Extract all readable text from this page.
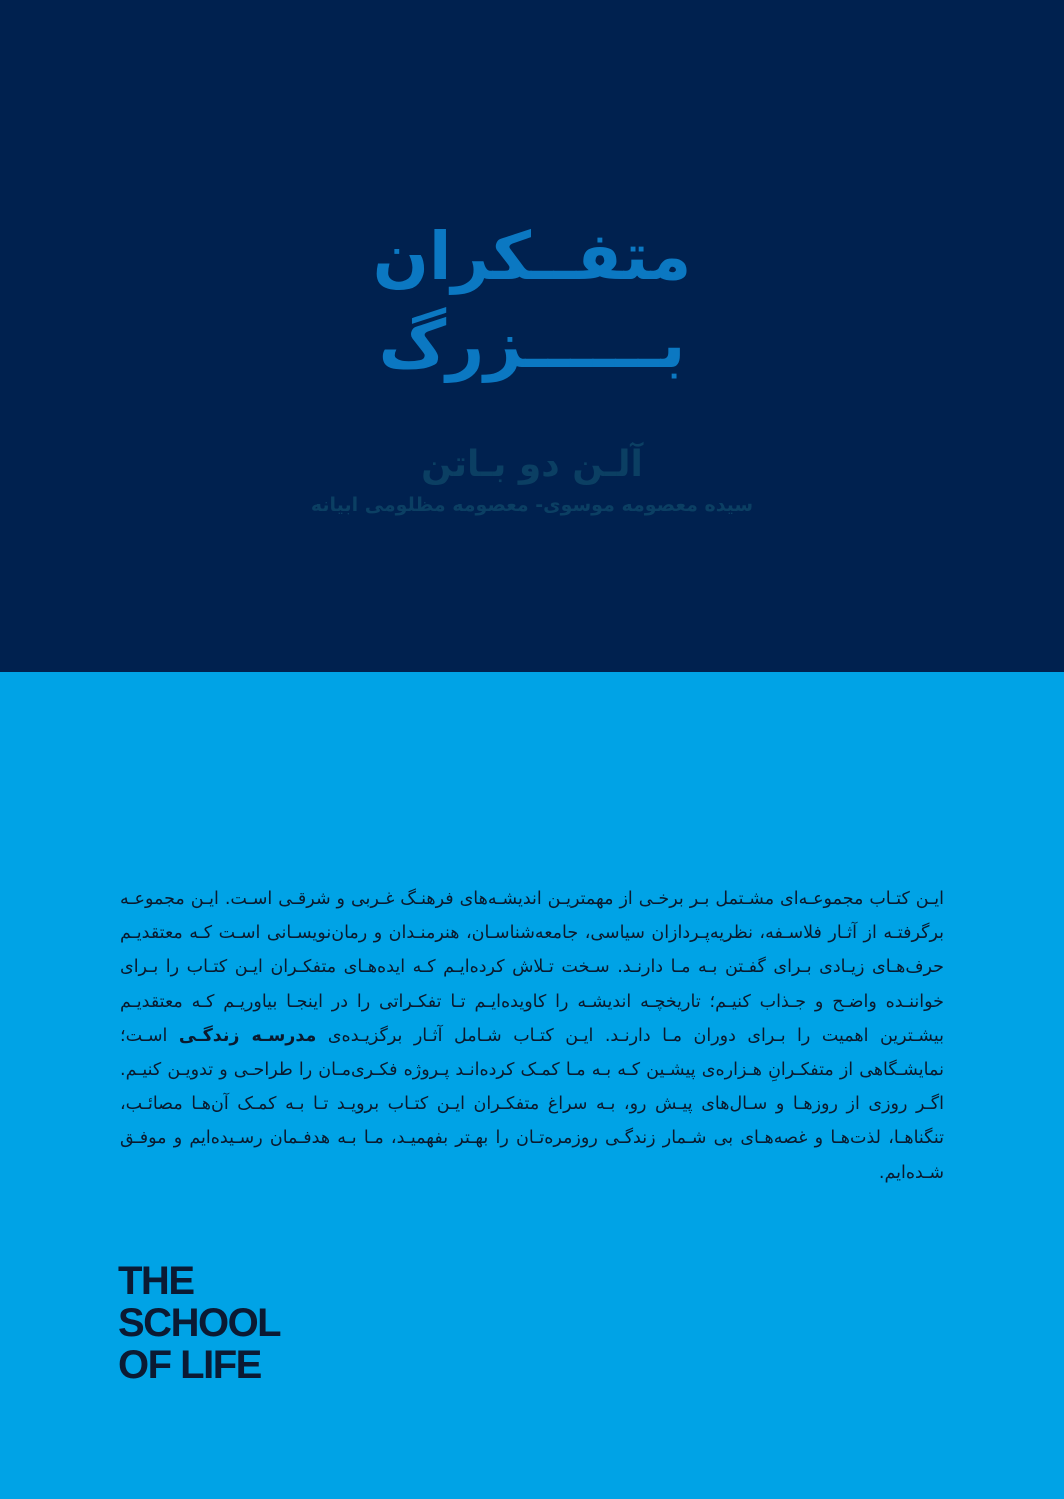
متفــکران
بــــــزرگ
آلـن دو بـاتن
سیده معصومه موسوی- معصومه مظلومی ابیانه
ایـن کتـاب مجموعـه‌ای مشـتمل بـر برخـی از مهمتریـن اندیشـه‌های فرهنـگ غـربی و شرقـی اسـت. ایـن مجموعـه برگرفتـه از آثـار فلاسـفه، نظریه‌پـردازان سیاسی، جامعه‌شناسـان، هنرمنـدان و رمان‌نویسـانی اسـت کـه معتقدیـم حرف‌هـای زیـادی بـرای گفـتن بـه مـا دارنـد. سـخت تـلاش کرده‌ایـم کـه ایده‌هـای متفکـران ایـن کتـاب را بـرای خواننـده واضـح و جـذاب کنیـم؛ تاریخچـه اندیشـه را کاویده‌ایـم تـا تفکـراتی را در اینجـا بیاوریـم کـه معتقدیـم بیشـترین اهمیت را بـرای دوران مـا دارنـد. ایـن کتـاب شـامل آثـار برگزیـده‌ی مدرسـه زندگـی اسـت؛ نمایشـگاهی از متفکـرانِ هـزاره‌ی پیشـین کـه بـه مـا کمـک کرده‌انـد پـروژه فکـری‌مـان را طراحـی و تدویـن کنیـم. اگـر روزی از روزهـا و سـال‌های پیـش رو، بـه سراغ متفکـران ایـن کتـاب برویـد تـا بـه کمـک آن‌هـا مصائـب، تنگناهـا، لذت‌هـا و غصه‌هـای بی شـمار زندگـی روزمره‌تـان را بهـتر بفهمیـد، مـا بـه هدفـمان رسـیده‌ایم و موفـق شـده‌ایم.
THE
SCHOOL
OF LIFE
